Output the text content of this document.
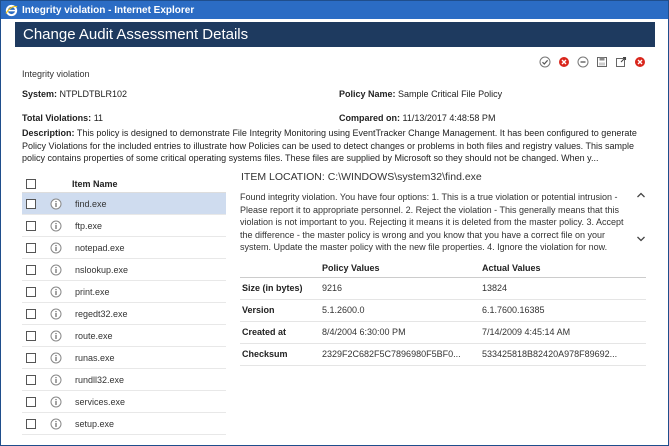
Integrity violation - Internet Explorer
Change Audit Assessment Details
Integrity violation
System: NTPLDTBLR102	Policy Name: Sample Critical File Policy
Total Violations: 11	Compared on: 11/13/2017 4:48:58 PM
Description: This policy is designed to demonstrate File Integrity Monitoring using EventTracker Change Management. It has been configured to generate Policy Violations for the included entries to illustrate how Policies can be used to detect changes or problems in both files and registry values. This sample policy contains properties of some critical operating systems files. These files are supplied by Microsoft so they should not be changed. When y...
Item Name
find.exe
ftp.exe
notepad.exe
nslookup.exe
print.exe
regedt32.exe
route.exe
runas.exe
rundll32.exe
services.exe
setup.exe
ITEM LOCATION: C:\WINDOWS\system32\find.exe
Found integrity violation. You have four options: 1. This is a true violation or potential intrusion - Please report it to appropriate personnel. 2. Reject the violation - This generally means that this violation is not important to you. Rejecting it means it is deleted from the master policy. 3. Accept the difference - the master policy is wrong and you know that you have a correct file on your system. Update the master policy with the new file properties. 4. Ignore the violation for now.
	Policy Values	Actual Values
Size (in bytes)	9216	13824
Version	5.1.2600.0	6.1.7600.16385
Created at	8/4/2004 6:30:00 PM	7/14/2009 4:45:14 AM
Checksum	2329F2C682F5C7896980F5BF0...	533425818B82420A978F89692...
